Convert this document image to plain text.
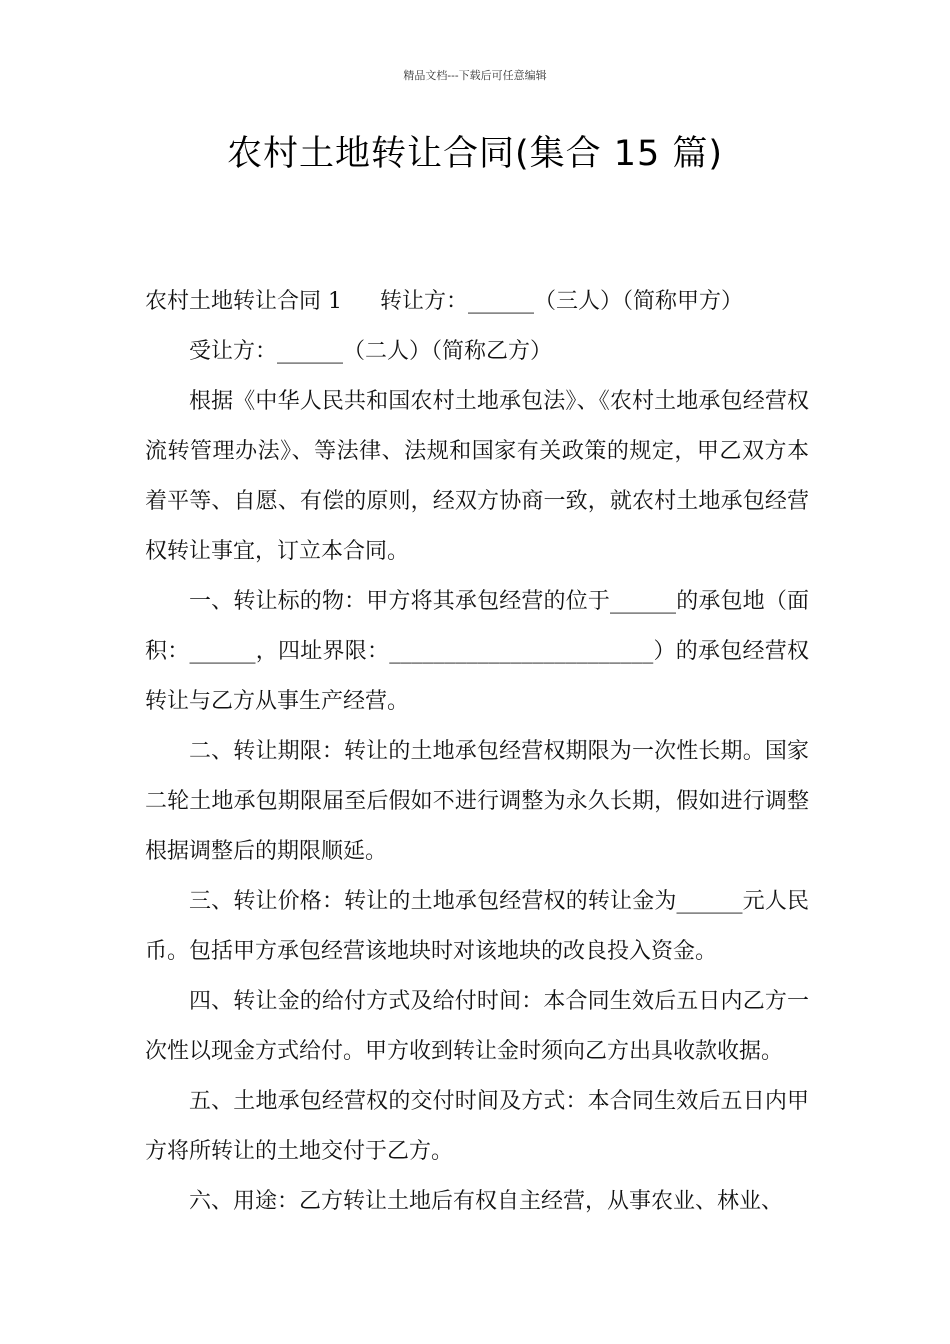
精品文档---下载后可任意编辑
农村土地转让合同(集合 15 篇)

农村土地转让合同 1 转让方：______（三人）（简称甲方）

受让方：______（二人）（简称乙方）

根据《中华人民共和国农村土地承包法》、《农村土地承包经营权流转管理办法》、等法律、法规和国家有关政策的规定，甲乙双方本着平等、自愿、有偿的原则，经双方协商一致，就农村土地承包经营权转让事宜，订立本合同。

一、转让标的物：甲方将其承包经营的位于______的承包地（面积：______，四址界限：________________________）的承包经营权转让与乙方从事生产经营。

二、转让期限：转让的土地承包经营权期限为一次性长期。国家二轮土地承包期限届至后假如不进行调整为永久长期，假如进行调整根据调整后的期限顺延。

三、转让价格：转让的土地承包经营权的转让金为______元人民币。包括甲方承包经营该地块时对该地块的改良投入资金。

四、转让金的给付方式及给付时间：本合同生效后五日内乙方一次性以现金方式给付。甲方收到转让金时须向乙方出具收款收据。

五、土地承包经营权的交付时间及方式：本合同生效后五日内甲方将所转让的土地交付于乙方。

六、用途：乙方转让土地后有权自主经营，从事农业、林业、
